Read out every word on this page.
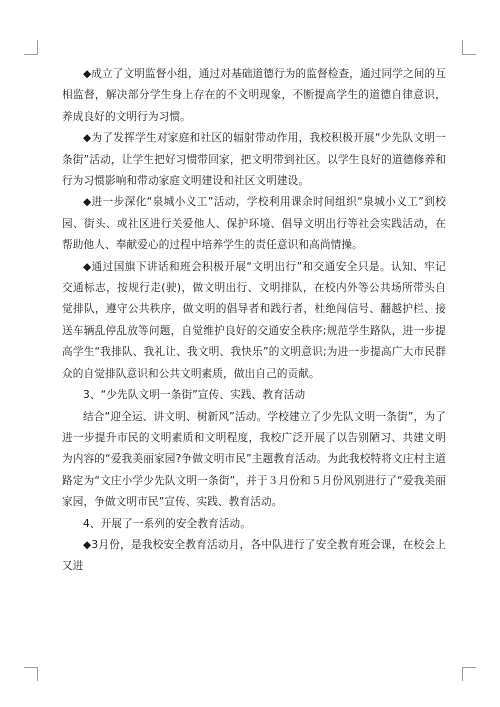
◆成立了文明监督小组，通过对基础道德行为的监督检查，通过同学之间的互相监督，解决部分学生身上存在的不文明现象，不断提高学生的道德自律意识，养成良好的文明行为习惯。

◆为了发挥学生对家庭和社区的辐射带动作用，我校积极开展“少先队文明一条街”活动，让学生把好习惯带回家，把文明带到社区。以学生良好的道德修养和行为习惯影响和带动家庭文明建设和社区文明建设。

◆进一步深化“泉城小义工”活动，学校利用课余时间组织“泉城小义工”到校园、街头、或社区进行关爱他人、保护环境、倡导文明出行等社会实践活动，在帮助他人、奉献爱心的过程中培养学生的责任意识和高尚情操。

◆通过国旗下讲话和班会积极开展“文明出行”和交通安全只是。认知、牢记交通标志，按规行走(驶)，做文明出行、文明排队，在校内外等公共场所带头自觉排队，遵守公共秩序，做文明的倡导者和践行者，杜绝闯信号、翻越护栏、接送车辆乱停乱放等问题，自觉维护良好的交通安全秩序;规范学生路队，进一步提高学生“我排队、我礼让、我文明、我快乐”的文明意识;为进一步提高广大市民群众的自觉排队意识和公共文明素质，做出自己的贡献。

3、“少先队文明一条街”宣传、实践、教育活动

结合“迎全运、讲文明、树新风”活动。学校建立了少先队文明一条街”，为了进一步提升市民的文明素质和文明程度，我校广泛开展了以告别陋习、共建文明为内容的“爱我美丽家园?争做文明市民”主题教育活动。为此我校特将文庄村主道路定为“文庄小学少先队文明一条街”，并于３月份和５月份风别进行了“爱我美丽家园，争做文明市民”宣传、实践、教育活动。

4、开展了一系列的安全教育活动。

◆3月份，是我校安全教育活动月，各中队进行了安全教育班会课，在校会上又进
